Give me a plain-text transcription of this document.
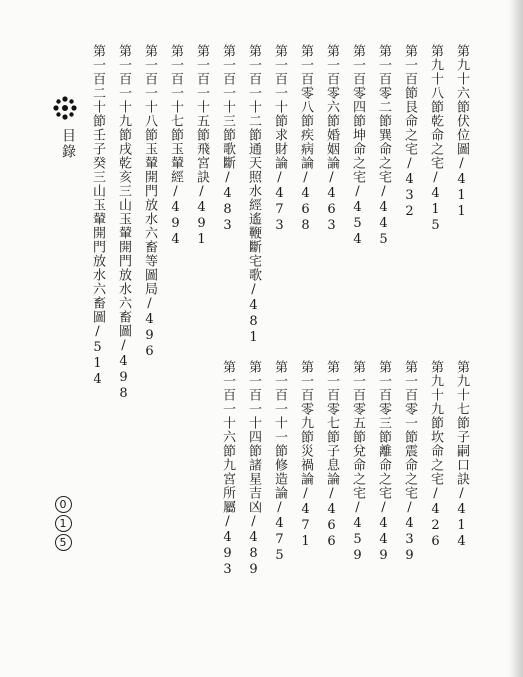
目錄
第九十六節伏位圖/411
第九十八節乾命之宅/415
第一百節艮命之宅/432
第一百零二節巽命之宅/445
第一百零四節坤命之宅/454
第一百零六節婚姻論/463
第一百零八節疾病論/468
第一百一十節求財論/473
第一百一十二節通天照水經遙鞭斷宅歌/481
第一百一十三節歌斷/483
第一百一十五節飛宮訣/491
第一百一十七節玉輦經/494
第一百一十八節玉輦開門放水六畜等圖局/496
第一百一十九節戌乾亥三山玉輦開門放水六畜圖/498
第一百二十節壬子癸三山玉輦開門放水六畜圖/514
第九十七節子嗣口訣/414
第九十九節坎命之宅/426
第一百零一節震命之宅/439
第一百零三節離命之宅/449
第一百零五節兌命之宅/459
第一百零七節子息論/466
第一百零九節災禍論/471
第一百一十一節修造論/475
第一百一十四節諸星吉凶/489
第一百一十六節九宮所屬/493
0
1
5
